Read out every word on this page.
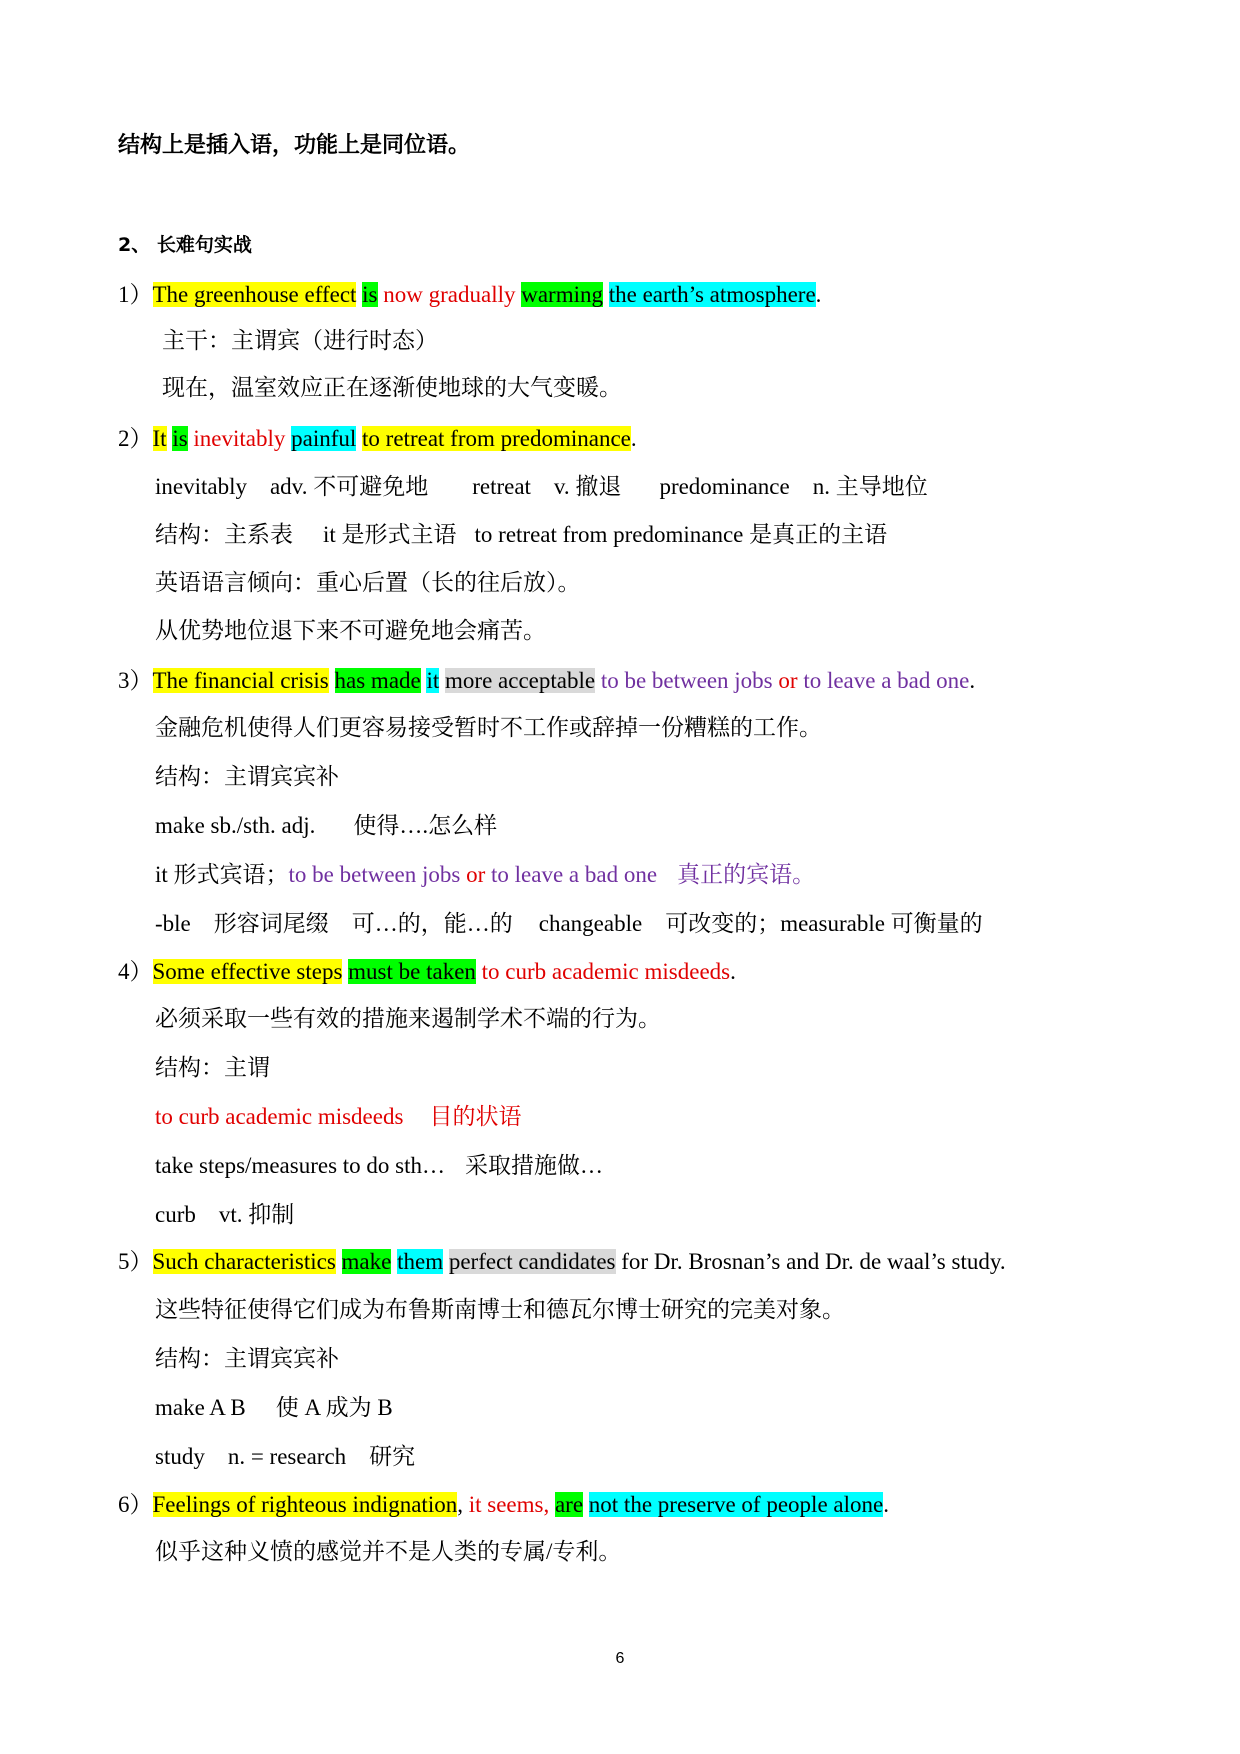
结构上是插入语，功能上是同位语。
2、 长难句实战
1）The greenhouse effect is now gradually warming the earth’s atmosphere.
主干：主谓宾（进行时态）
现在，温室效应正在逐渐使地球的大气变暖。
2）It is inevitably painful to retreat from predominance.
inevitably　adv. 不可避免地 retreat　v. 撤退 predominance　n. 主导地位
结构：主系表 it 是形式主语 to retreat from predominance 是真正的主语
英语语言倾向：重心后置（长的往后放）。
从优势地位退下来不可避免地会痛苦。
3）The financial crisis has made it more acceptable to be between jobs or to leave a bad one.
金融危机使得人们更容易接受暂时不工作或辞掉一份糟糕的工作。
结构：主谓宾宾补
make sb./sth. adj. 使得….怎么样
it 形式宾语；to be between jobs or to leave a bad one 真正的宾语。
-ble　形容词尾缀　可…的，能…的 changeable　可改变的；measurable 可衡量的
4）Some effective steps must be taken to curb academic misdeeds.
必须采取一些有效的措施来遏制学术不端的行为。
结构：主谓
to curb academic misdeeds 目的状语
take steps/measures to do sth… 采取措施做…
curb　vt. 抑制
5）Such characteristics make them perfect candidates for Dr. Brosnan’s and Dr. de waal’s study.
这些特征使得它们成为布鲁斯南博士和德瓦尔博士研究的完美对象。
结构：主谓宾宾补
make A B 使 A 成为 B
study　n. = research　研究
6）Feelings of righteous indignation, it seems, are not the preserve of people alone.
似乎这种义愤的感觉并不是人类的专属/专利。
6
